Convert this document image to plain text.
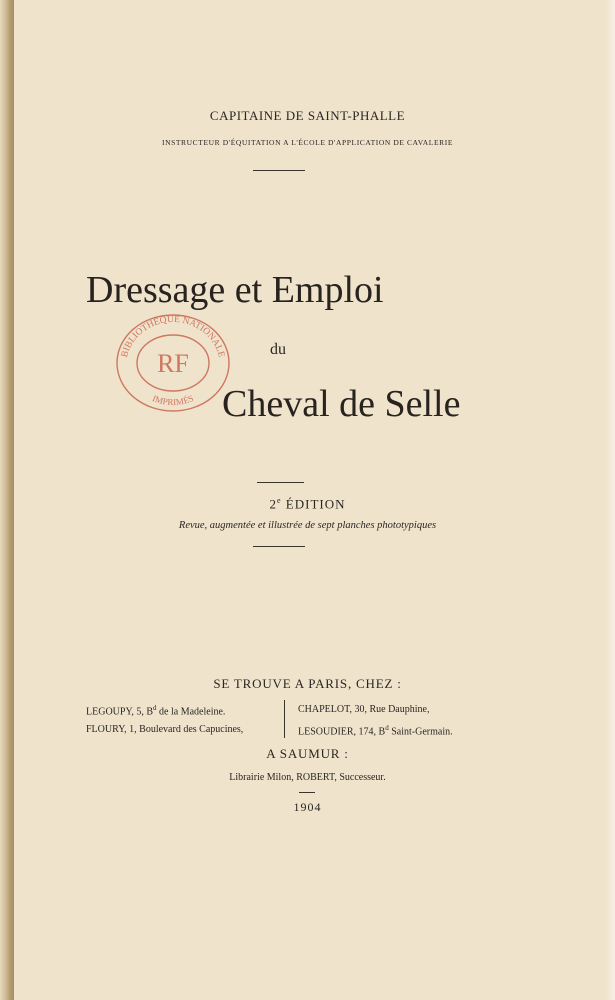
CAPITAINE DE SAINT-PHALLE
INSTRUCTEUR D'ÉQUITATION A L'ÉCOLE D'APPLICATION DE CAVALERIE
Dressage et Emploi
du
Cheval de Selle
BIBLIOTHÈQUE NATIONALE
IMPRIMÉS
RF
2e ÉDITION
Revue, augmentée et illustrée de sept planches phototypiques
SE TROUVE A PARIS, CHEZ :
LEGOUPY, 5, $B^d$ de la Madeleine.
FLOURY, 1, Boulevard des Capucines,
CHAPELOT, 30, Rue Dauphine,
LESOUDIER, 174, $B^d$ Saint-Germain.
A SAUMUR :
Librairie Milon, ROBERT, Successeur.
1904
